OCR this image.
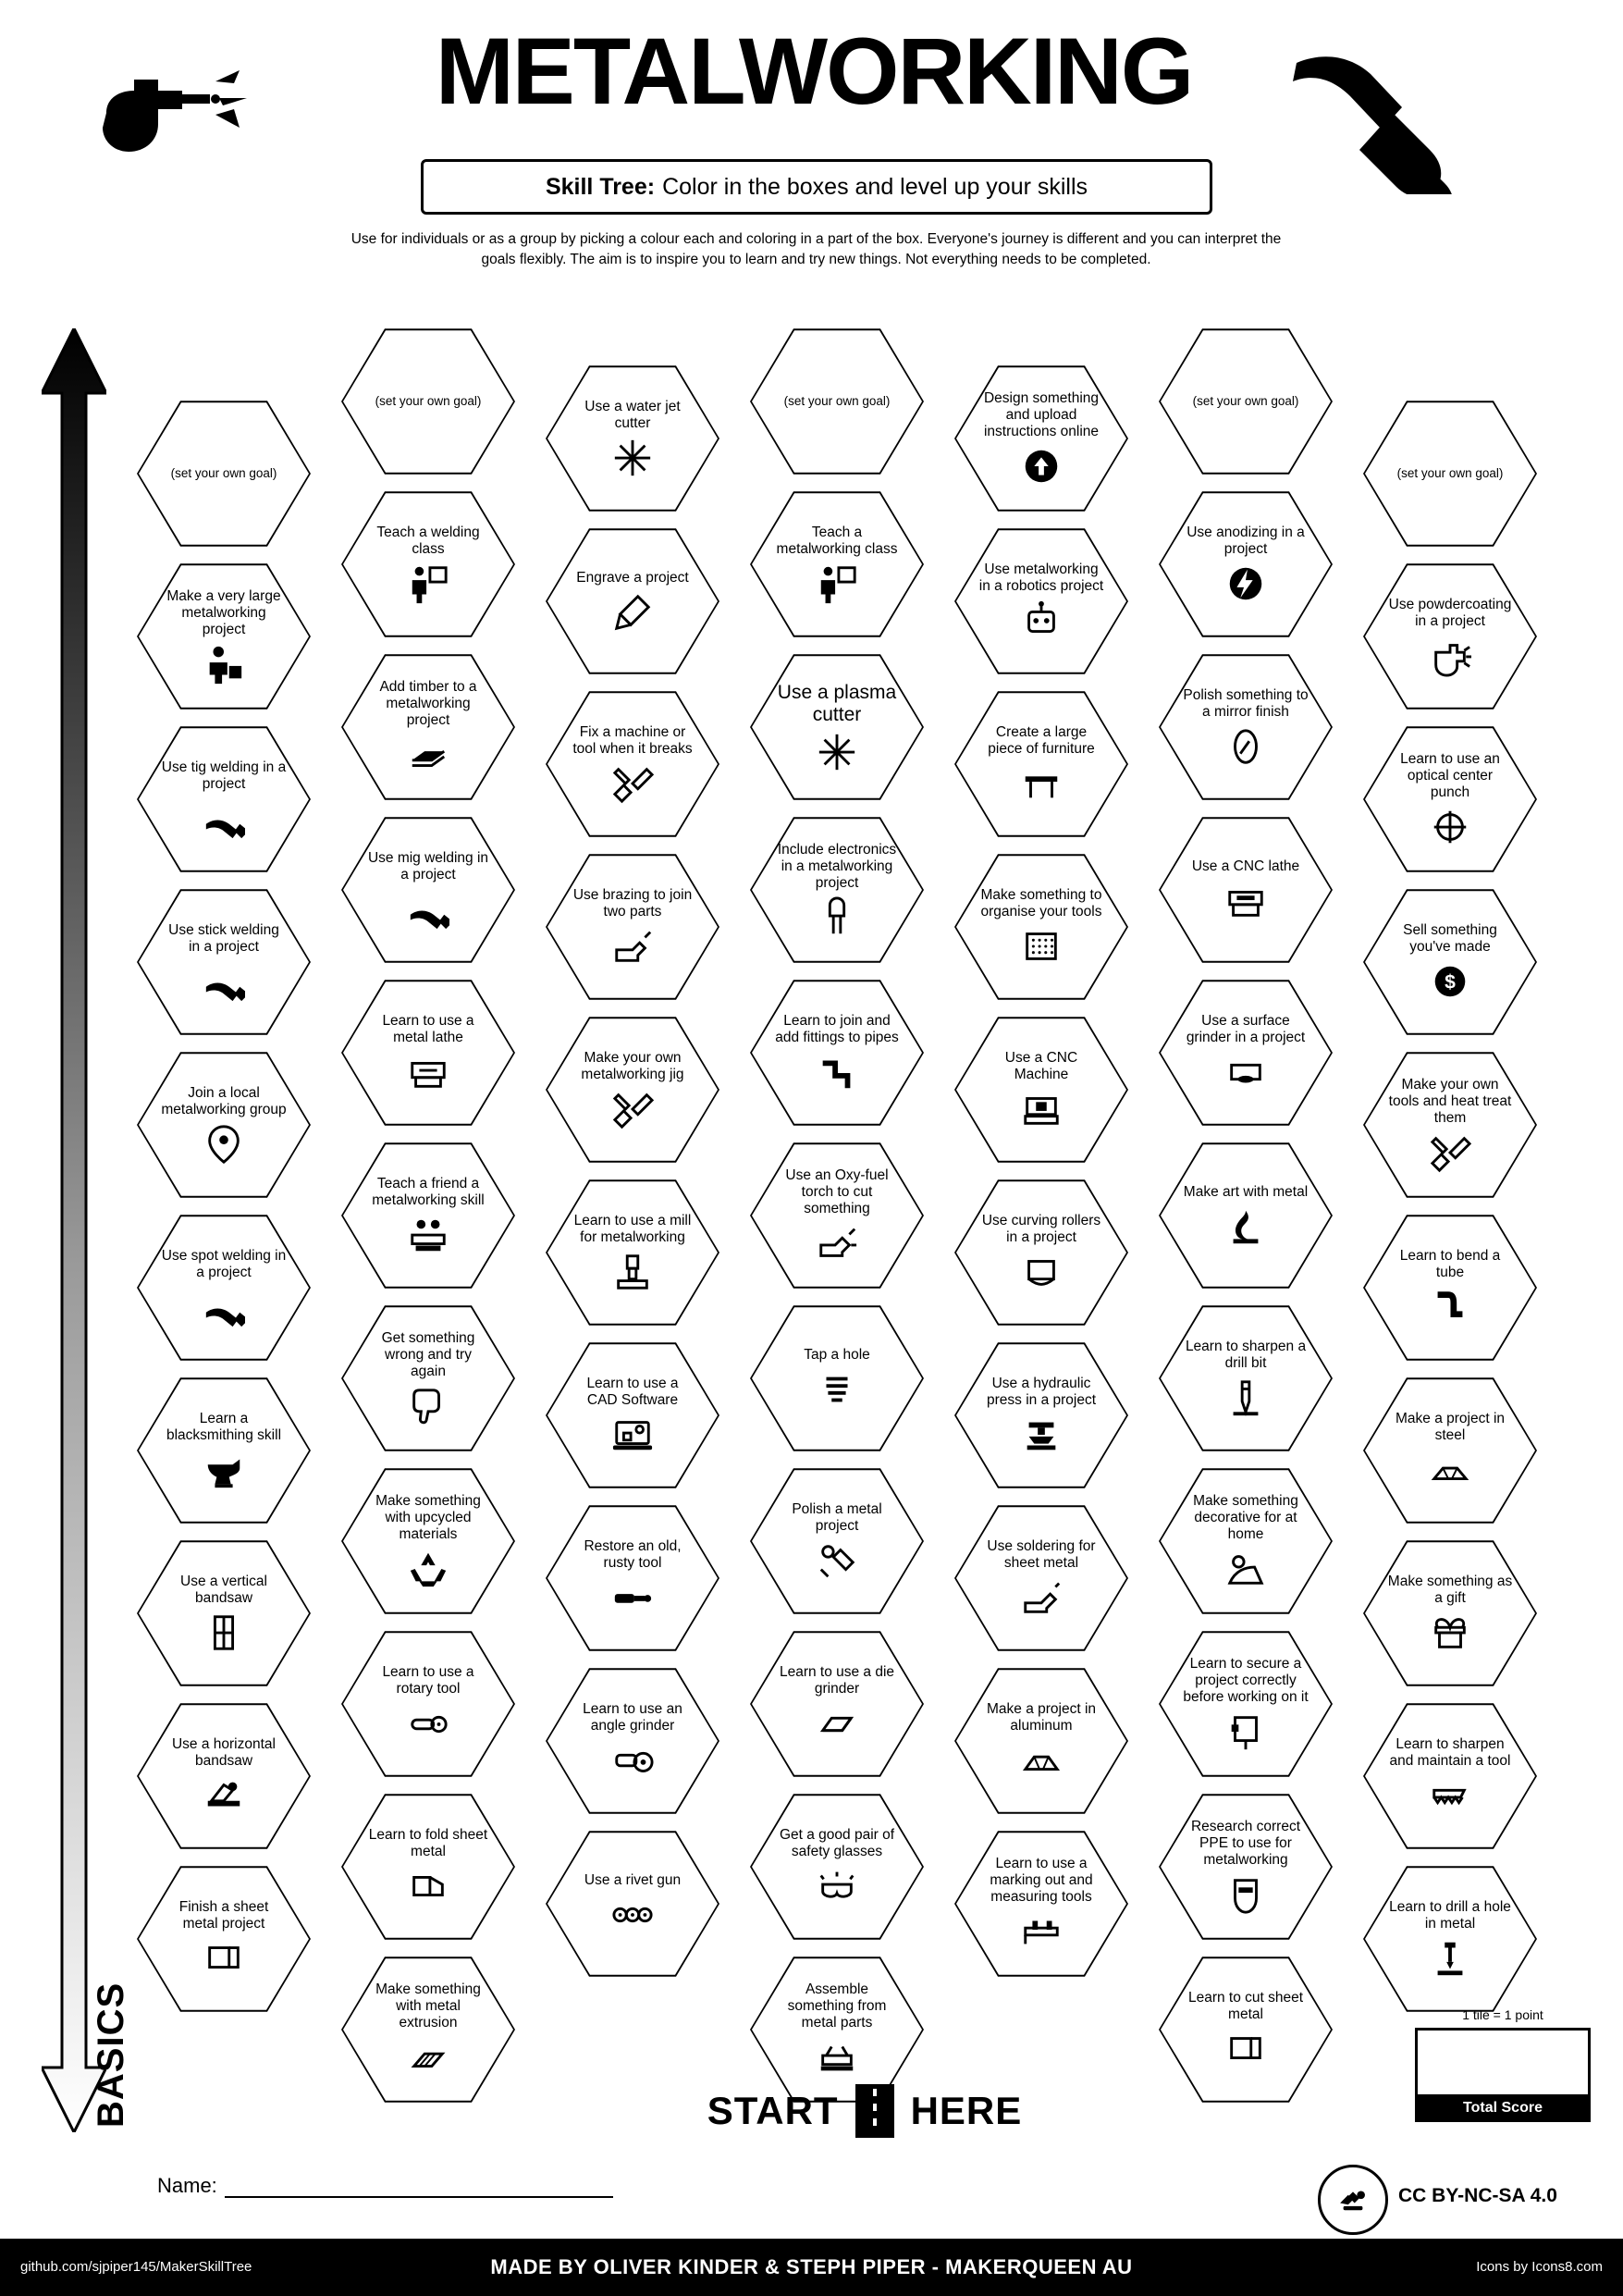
METALWORKING
Skill Tree: Color in the boxes and level up your skills
Use for individuals or as a group by picking a colour each and coloring in a part of the box. Everyone's journey is different and you can interpret the goals flexibly. The aim is to inspire you to learn and try new things. Not everything needs to be completed.
ADVANCED
BASICS
(set your own goal)
Make a very large metalworking project
Use tig welding in a project
Use stick welding in a project
Join a local metalworking group
Use spot welding in a project
Learn a blacksmithing skill
Use a vertical bandsaw
Use a horizontal bandsaw
Finish a sheet metal project
(set your own goal)
Teach a welding class
Add timber to a metalworking project
Use mig welding in a project
Learn to use a metal lathe
Teach a friend a metalworking skill
Get something wrong and try again
Make something with upcycled materials
Learn to use a rotary tool
Learn to fold sheet metal
Make something with metal extrusion
Use a water jet cutter
Engrave a project
Fix a machine or tool when it breaks
Use brazing to join two parts
Make your own metalworking jig
Learn to use a mill for metalworking
Learn to use a CAD Software
Restore an old, rusty tool
Learn to use an angle grinder
Use a rivet gun
(set your own goal)
Teach a metalworking class
Use a plasma cutter
Include electronics in a metalworking project
Learn to join and add fittings to pipes
Use an Oxy-fuel torch to cut something
Tap a hole
Polish a metal project
Learn to use a die grinder
Get a good pair of safety glasses
Assemble something from metal parts
Design something and upload instructions online
Use metalworking in a robotics project
Create a large piece of furniture
Make something to organise your tools
Use a CNC Machine
Use curving rollers in a project
Use a hydraulic press in a project
Use soldering for sheet metal
Make a project in aluminum
Learn to use a marking out and measuring tools
(set your own goal)
Use anodizing in a project
Polish something to a mirror finish
Use a CNC lathe
Use a surface grinder in a project
Make art with metal
Learn to sharpen a drill bit
Make something decorative for at home
Learn to secure a project correctly before working on it
Research correct PPE to use for metalworking
Learn to cut sheet metal
(set your own goal)
Use powdercoating in a project
Learn to use an optical center punch
Sell something you've made
$
Make your own tools and heat treat them
Learn to bend a tube
Make a project in steel
Make something as a gift
Learn to sharpen and maintain a tool
Learn to drill a hole in metal
START HERE
1 tile = 1 point
Total Score
Name:	CC BY-NC-SA 4.0
github.com/sjpiper145/MakerSkillTree	MADE BY OLIVER KINDER & STEPH PIPER - MAKERQUEEN AU	Icons by Icons8.com
